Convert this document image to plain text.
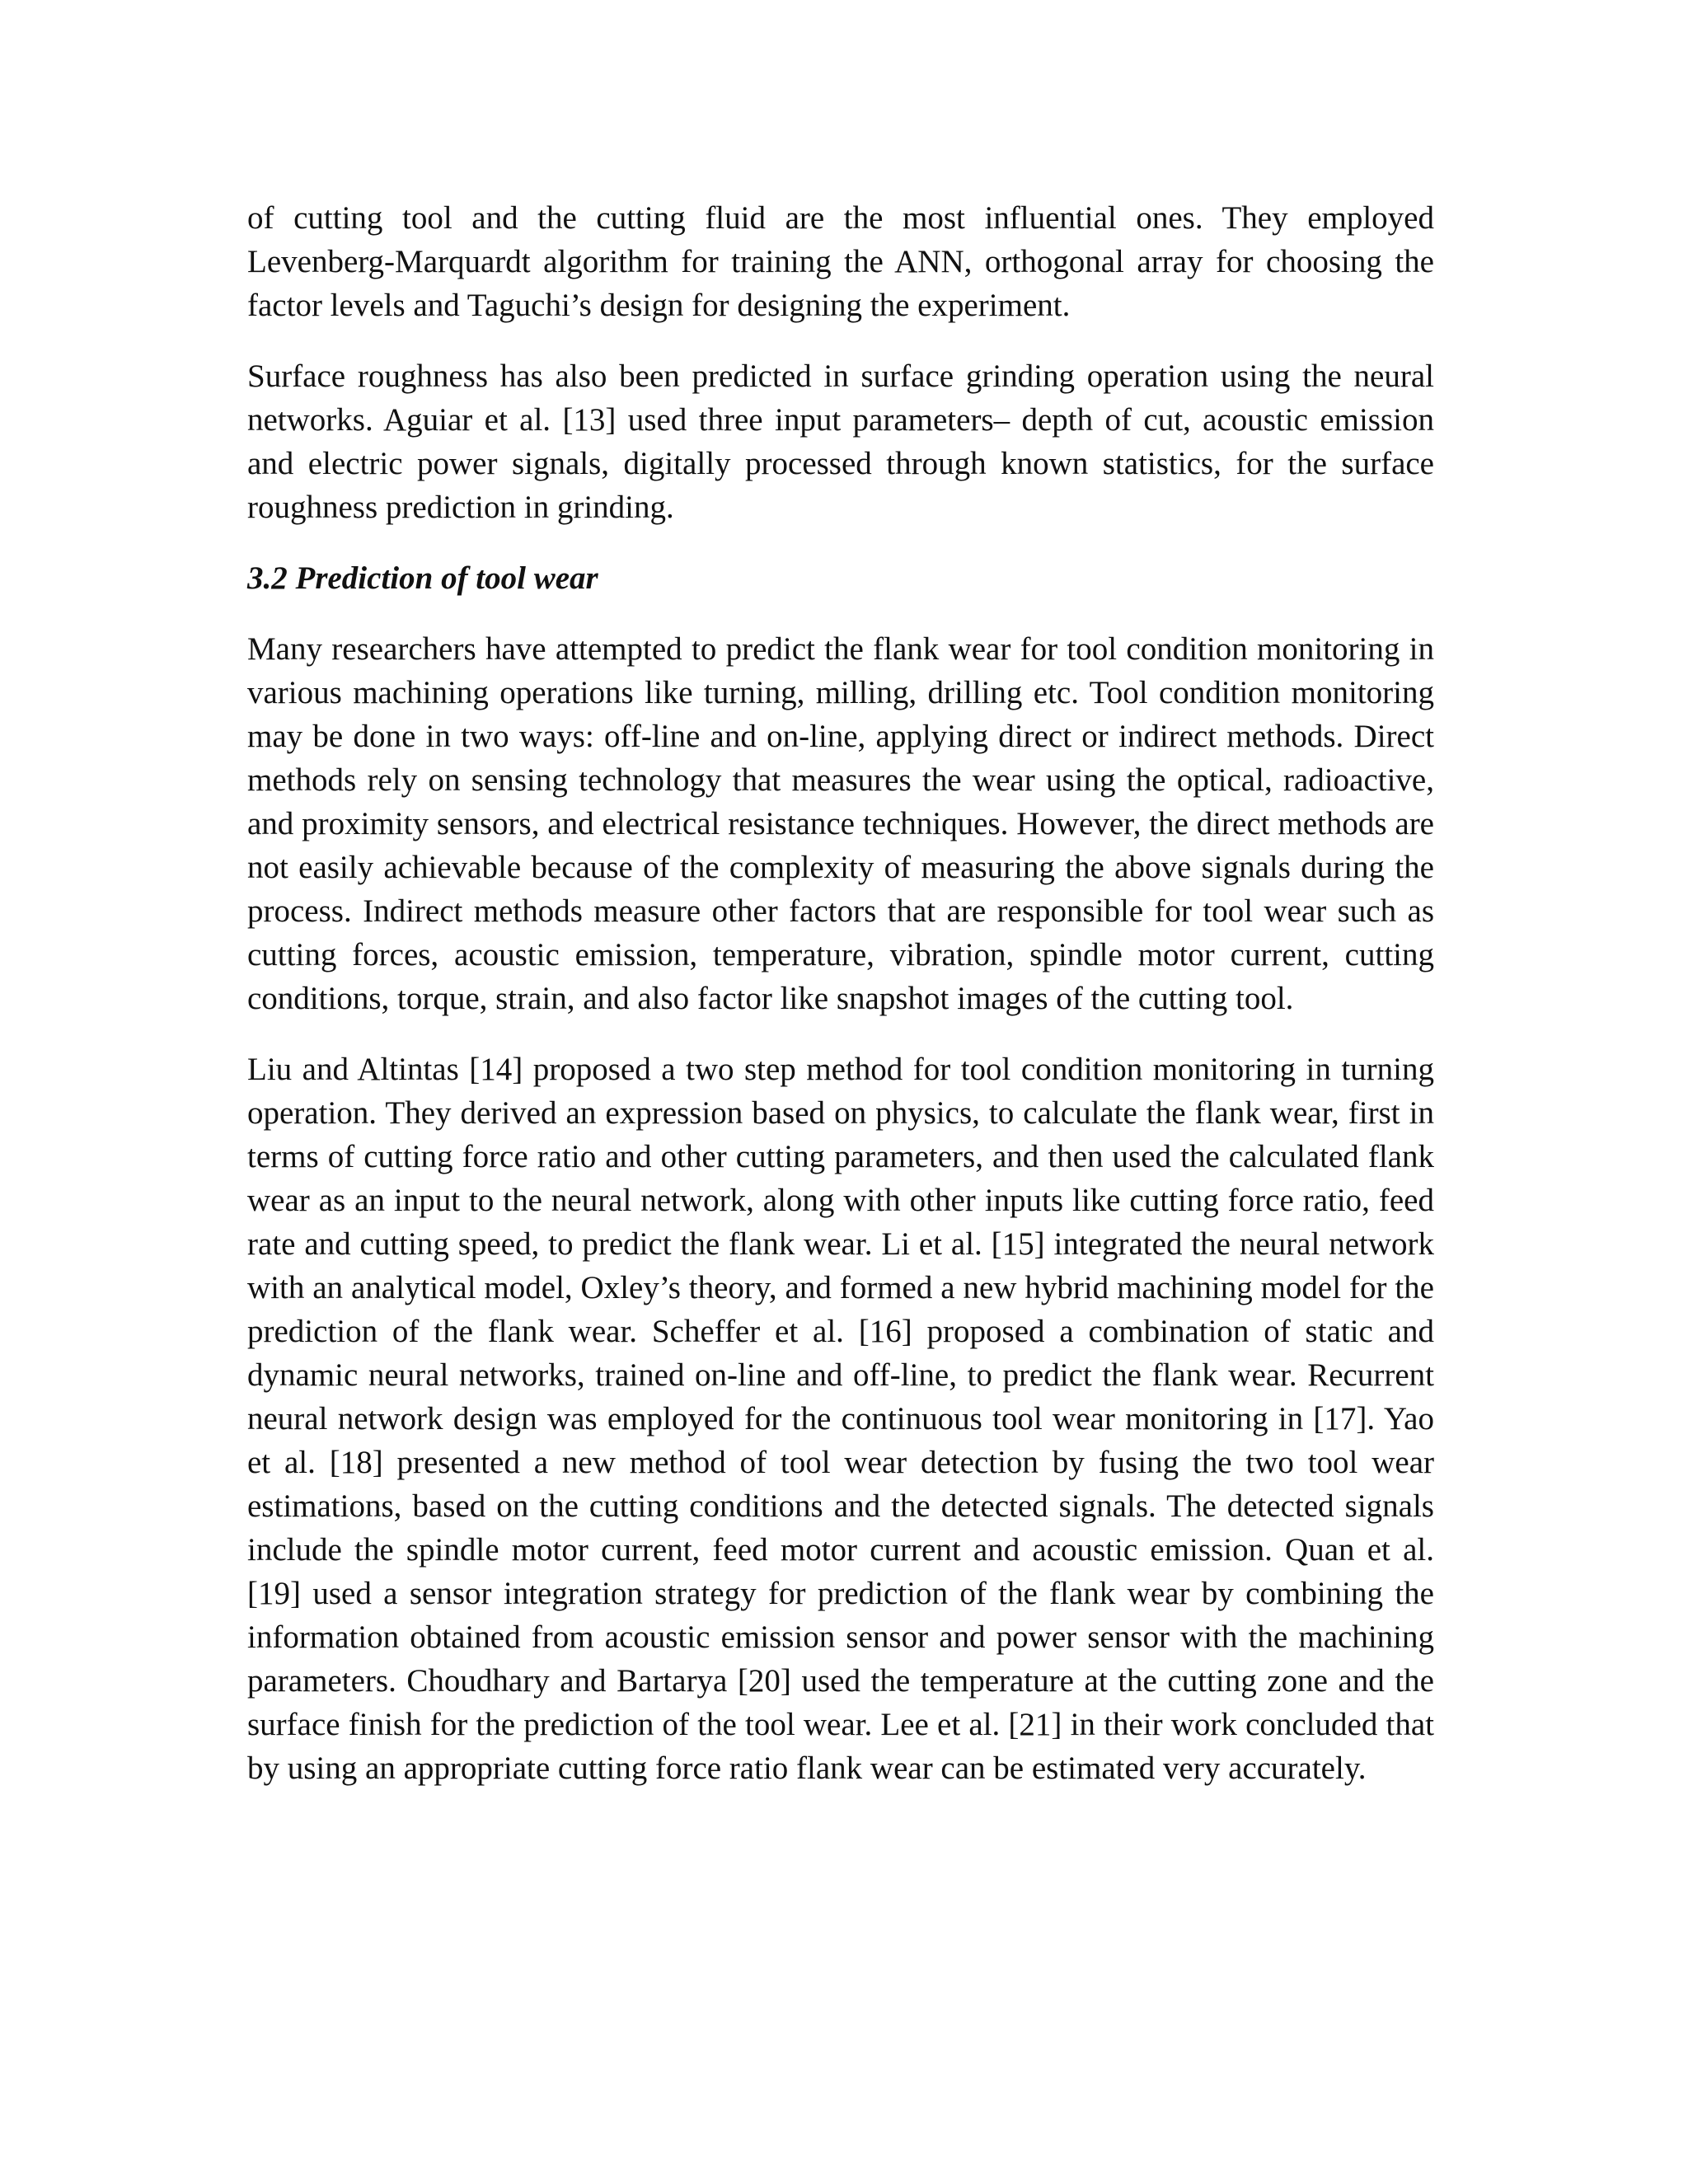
of cutting tool and the cutting fluid are the most influential ones. They employed Levenberg-Marquardt algorithm for training the ANN, orthogonal array for choosing the factor levels and Taguchi’s design for designing the experiment.

Surface roughness has also been predicted in surface grinding operation using the neural networks. Aguiar et al. [13] used three input parameters– depth of cut, acoustic emission and electric power signals, digitally processed through known statistics, for the surface roughness prediction in grinding.

3.2 Prediction of tool wear

Many researchers have attempted to predict the flank wear for tool condition monitoring in various machining operations like turning, milling, drilling etc. Tool condition monitoring may be done in two ways: off-line and on-line, applying direct or indirect methods. Direct methods rely on sensing technology that measures the wear using the optical, radioactive, and proximity sensors, and electrical resistance techniques. However, the direct methods are not easily achievable because of the complexity of measuring the above signals during the process. Indirect methods measure other factors that are responsible for tool wear such as cutting forces, acoustic emission, temperature, vibration, spindle motor current, cutting conditions, torque, strain, and also factor like snapshot images of the cutting tool.

Liu and Altintas [14] proposed a two step method for tool condition monitoring in turning operation. They derived an expression based on physics, to calculate the flank wear, first in terms of cutting force ratio and other cutting parameters, and then used the calculated flank wear as an input to the neural network, along with other inputs like cutting force ratio, feed rate and cutting speed, to predict the flank wear. Li et al. [15] integrated the neural network with an analytical model, Oxley’s theory, and formed a new hybrid machining model for the prediction of the flank wear. Scheffer et al. [16] proposed a combination of static and dynamic neural networks, trained on-line and off-line, to predict the flank wear. Recurrent neural network design was employed for the continuous tool wear monitoring in [17]. Yao et al. [18] presented a new method of tool wear detection by fusing the two tool wear estimations, based on the cutting conditions and the detected signals. The detected signals include the spindle motor current, feed motor current and acoustic emission. Quan et al. [19] used a sensor integration strategy for prediction of the flank wear by combining the information obtained from acoustic emission sensor and power sensor with the machining parameters. Choudhary and Bartarya [20] used the temperature at the cutting zone and the surface finish for the prediction of the tool wear. Lee et al. [21] in their work concluded that by using an appropriate cutting force ratio flank wear can be estimated very accurately.
